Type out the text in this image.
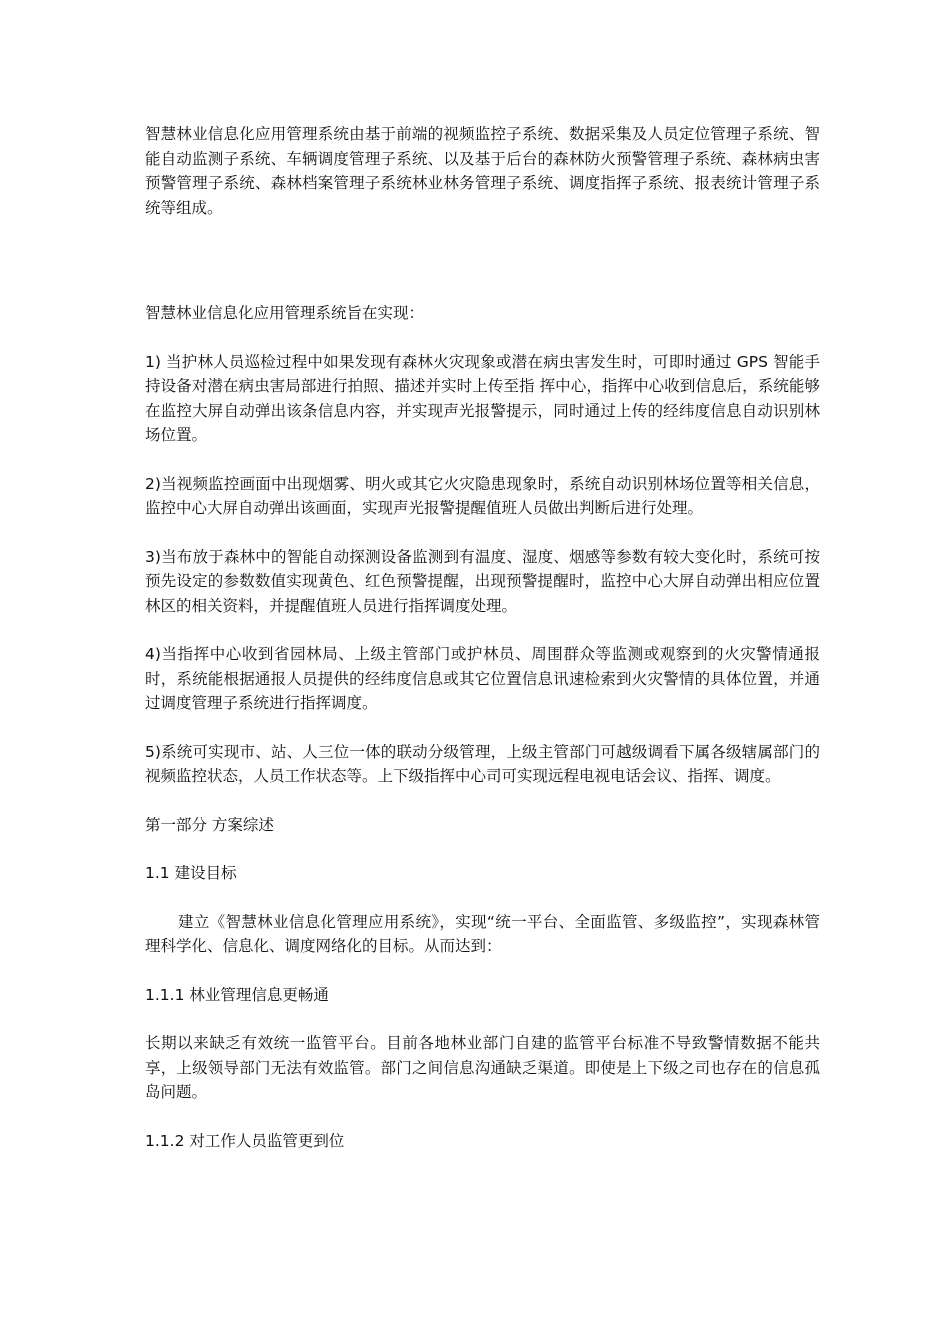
智慧林业信息化应用管理系统由基于前端的视频监控子系统、数据采集及人员定位管理子系统、智能自动监测子系统、车辆调度管理子系统、以及基于后台的森林防火预警管理子系统、森林病虫害预警管理子系统、森林档案管理子系统林业林务管理子系统、调度指挥子系统、报表统计管理子系统等组成。

智慧林业信息化应用管理系统旨在实现：

1) 当护林人员巡检过程中如果发现有森林火灾现象或潜在病虫害发生时，可即时通过 GPS 智能手持设备对潜在病虫害局部进行拍照、描述并实时上传至指 挥中心，指挥中心收到信息后，系统能够在监控大屏自动弹出该条信息内容，并实现声光报警提示，同时通过上传的经纬度信息自动识别林场位置。

2)当视频监控画面中出现烟雾、明火或其它火灾隐患现象时，系统自动识别林场位置等相关信息，监控中心大屏自动弹出该画面，实现声光报警提醒值班人员做出判断后进行处理。

3)当布放于森林中的智能自动探测设备监测到有温度、湿度、烟感等参数有较大变化时，系统可按预先设定的参数数值实现黄色、红色预警提醒，出现预警提醒时，监控中心大屏自动弹出相应位置林区的相关资料，并提醒值班人员进行指挥调度处理。

4)当指挥中心收到省园林局、上级主管部门或护林员、周围群众等监测或观察到的火灾警情通报时，系统能根据通报人员提供的经纬度信息或其它位置信息讯速检索到火灾警情的具体位置，并通过调度管理子系统进行指挥调度。

5)系统可实现市、站、人三位一体的联动分级管理，上级主管部门可越级调看下属各级辖属部门的视频监控状态，人员工作状态等。上下级指挥中心司可实现远程电视电话会议、指挥、调度。

第一部分 方案综述

1.1 建设目标

建立《智慧林业信息化管理应用系统》，实现“统一平台、全面监管、多级监控”，实现森林管理科学化、信息化、调度网络化的目标。从而达到：

1.1.1 林业管理信息更畅通

长期以来缺乏有效统一监管平台。目前各地林业部门自建的监管平台标准不导致警情数据不能共享，上级领导部门无法有效监管。部门之间信息沟通缺乏渠道。即使是上下级之司也存在的信息孤岛问题。

1.1.2 对工作人员监管更到位
